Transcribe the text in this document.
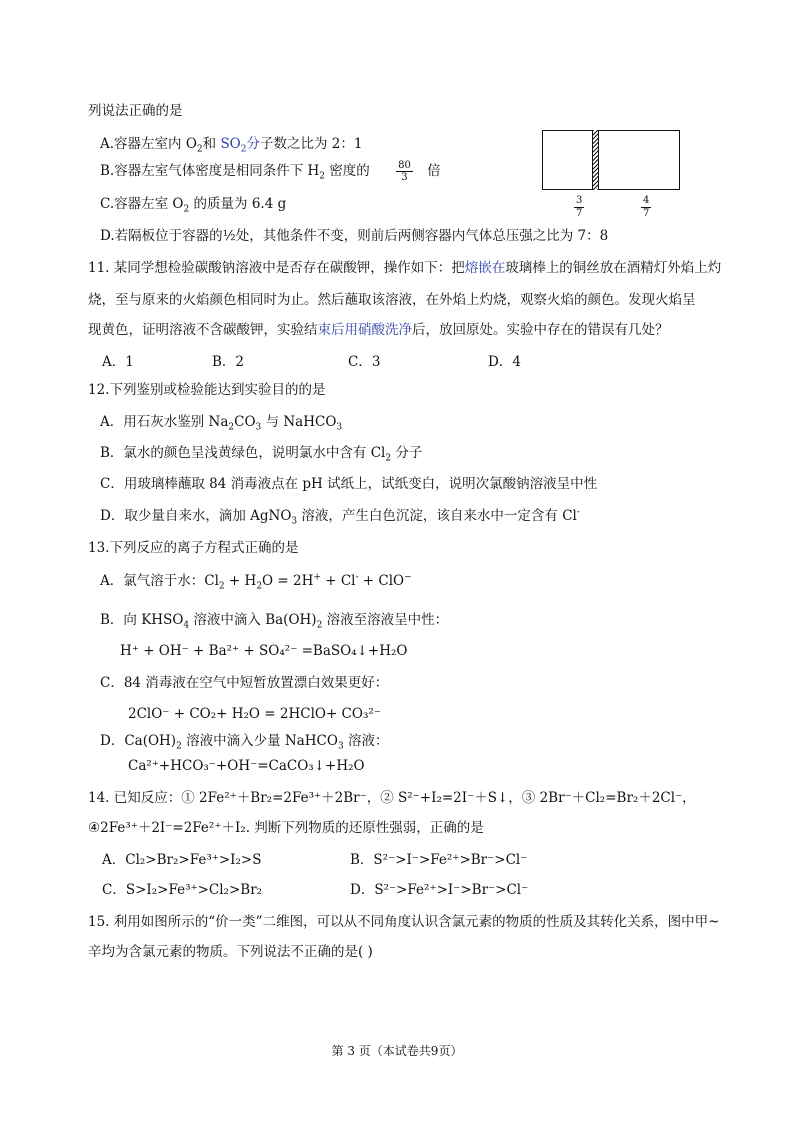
列说法正确的是
A.容器左室内 $O_2$和 $SO_2$分子数之比为 2：1
B.容器左室气体密度是相同条件下 $H_2$ 密度的	$\frac{80}{3}$ 倍
C.容器左室 $O_2$ 的质量为 6.4 g
D.若隔板位于容器的½处，其他条件不变，则前后两侧容器内气体总压强之比为 7：8
3
7
4
7
11. 某同学想检验碳酸钠溶液中是否存在碳酸钾，操作如下：把熔嵌在玻璃棒上的铜丝放在酒精灯外焰上灼
烧，至与原来的火焰颜色相同时为止。然后蘸取该溶液，在外焰上灼烧，观察火焰的颜色。发现火焰呈
现黄色，证明溶液不含碳酸钾，实验结束后用硝酸洗净后，放回原处。实验中存在的错误有几处？
A．1	B．2	C．3	D．4
12.下列鉴别或检验能达到实验目的的是
A．用石灰水鉴别 $Na_2CO_3$ 与 NaHCO$_3$
B．氯水的颜色呈浅黄绿色，说明氯水中含有 $Cl_2$ 分子
C．用玻璃棒蘸取 84 消毒液点在 pH 试纸上，试纸变白，说明次氯酸钠溶液呈中性
D．取少量自来水，滴加 AgNO$_3$ 溶液，产生白色沉淀，该自来水中一定含有 Cl-
13.下列反应的离子方程式正确的是
A．氯气溶于水：$Cl_2 + H_2O = 2H^+ + Cl^- + ClO^-$
B．向 $KHSO_4$ 溶液中滴入 $Ba(OH)_2$ 溶液至溶液呈中性：
H⁺ + OH⁻ + Ba²⁺ + SO₄²⁻ =BaSO₄↓+H₂O
C．84 消毒液在空气中短暂放置漂白效果更好：
2ClO⁻ + CO₂+ H₂O = 2HClO+ CO₃²⁻
D．$Ca(OH)_2$ 溶液中滴入少量 NaHCO$_3$ 溶液：
Ca²⁺+HCO₃⁻+OH⁻=CaCO₃↓+H₂O
14. 已知反应：① 2Fe²⁺＋Br₂=2Fe³⁺＋2Br⁻，② S²⁻+I₂=2I⁻＋S↓，③ 2Br⁻＋Cl₂=Br₂＋2Cl⁻，
④2Fe³⁺＋2I⁻=2Fe²⁺＋I₂. 判断下列物质的还原性强弱，正确的是
A．Cl₂>Br₂>Fe³⁺>I₂>S	B．S²⁻>I⁻>Fe²⁺>Br⁻>Cl⁻
C．S>I₂>Fe³⁺>Cl₂>Br₂	D．S²⁻>Fe²⁺>I⁻>Br⁻>Cl⁻
15. 利用如图所示的“价一类”二维图，可以从不同角度认识含氯元素的物质的性质及其转化关系，图中甲~
辛均为含氯元素的物质。下列说法不正确的是( )
第 3 页（本试卷共9页）
